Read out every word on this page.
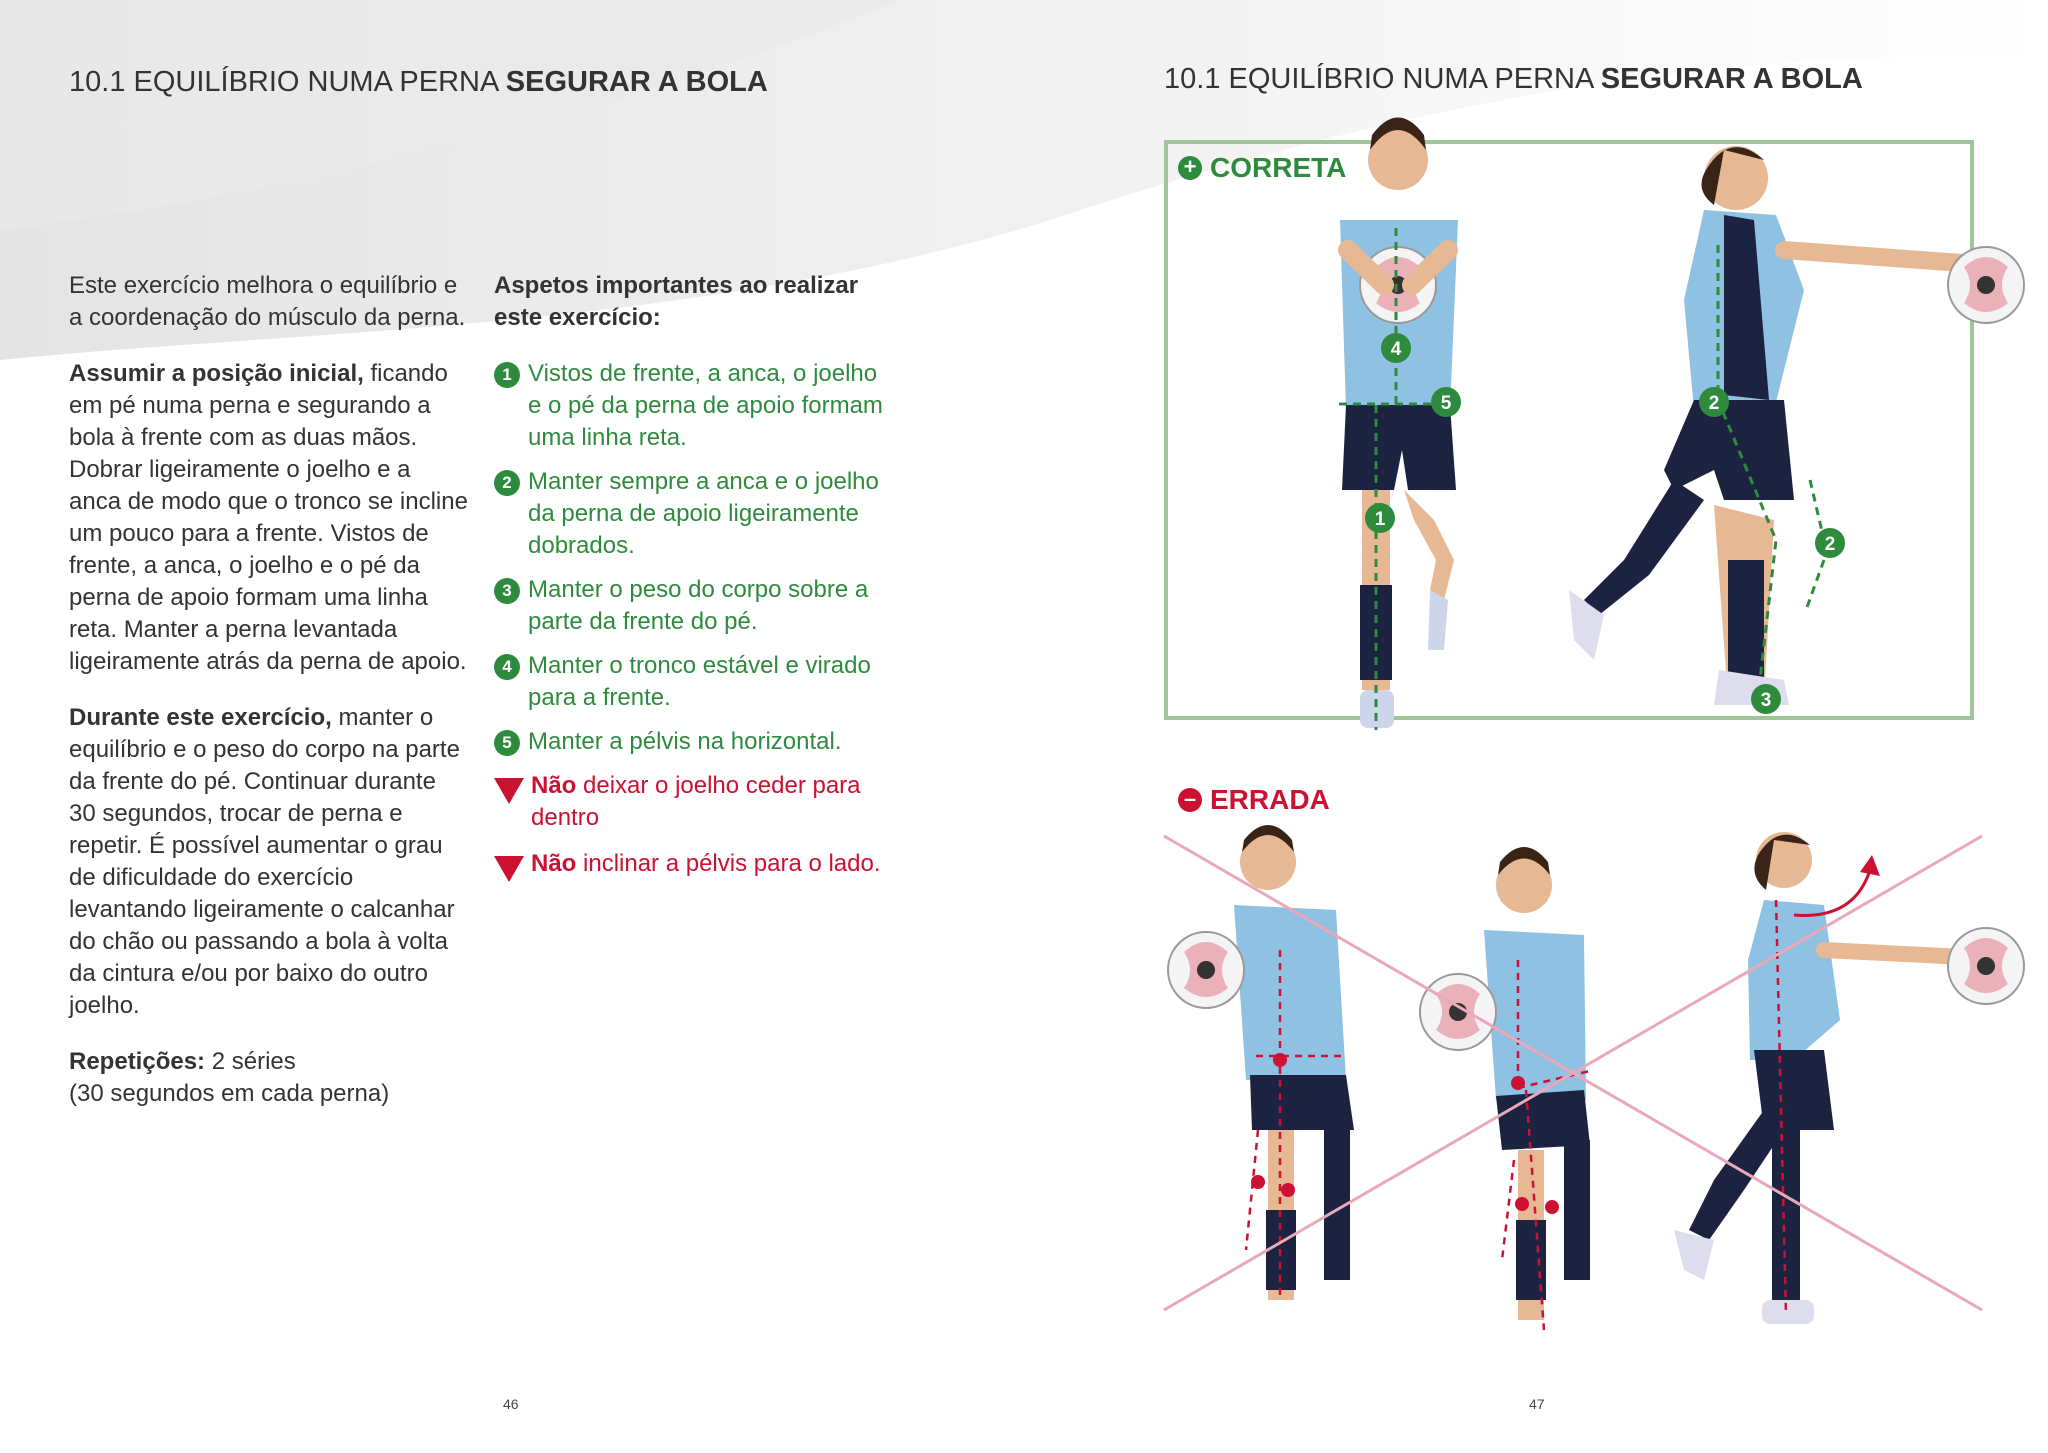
10.1 EQUILÍBRIO NUMA PERNA SEGURAR A BOLA

Este exercício melhora o equilíbrio e a coordenação do músculo da perna.

Assumir a posição inicial, ficando em pé numa perna e segurando a bola à frente com as duas mãos. Dobrar ligeiramente o joelho e a anca de modo que o tronco se incline um pouco para a frente. Vistos de frente, a anca, o joelho e o pé da perna de apoio formam uma linha reta. Manter a perna levantada ligeiramente atrás da perna de apoio.

Durante este exercício, manter o equilíbrio e o peso do corpo na parte da frente do pé. Continuar durante 30 segundos, trocar de perna e repetir. É possível aumentar o grau de dificuldade do exercício levantando ligeiramente o calcanhar do chão ou passando a bola à volta da cintura e/ou por baixo do outro joelho.

Repetições: 2 séries
(30 segundos em cada perna)

Aspetos importantes ao realizar este exercício:

1 Vistos de frente, a anca, o joelho e o pé da perna de apoio formam uma linha reta.
2 Manter sempre a anca e o joelho da perna de apoio ligeiramente dobrados.
3 Manter o peso do corpo sobre a parte da frente do pé.
4 Manter o tronco estável e virado para a frente.
5 Manter a pélvis na horizontal.
Não deixar o joelho ceder para dentro
Não inclinar a pélvis para o lado.
46
10.1 EQUILÍBRIO NUMA PERNA SEGURAR A BOLA
+ CORRETA
– ERRADA
4
5
1
2
2
3
47
